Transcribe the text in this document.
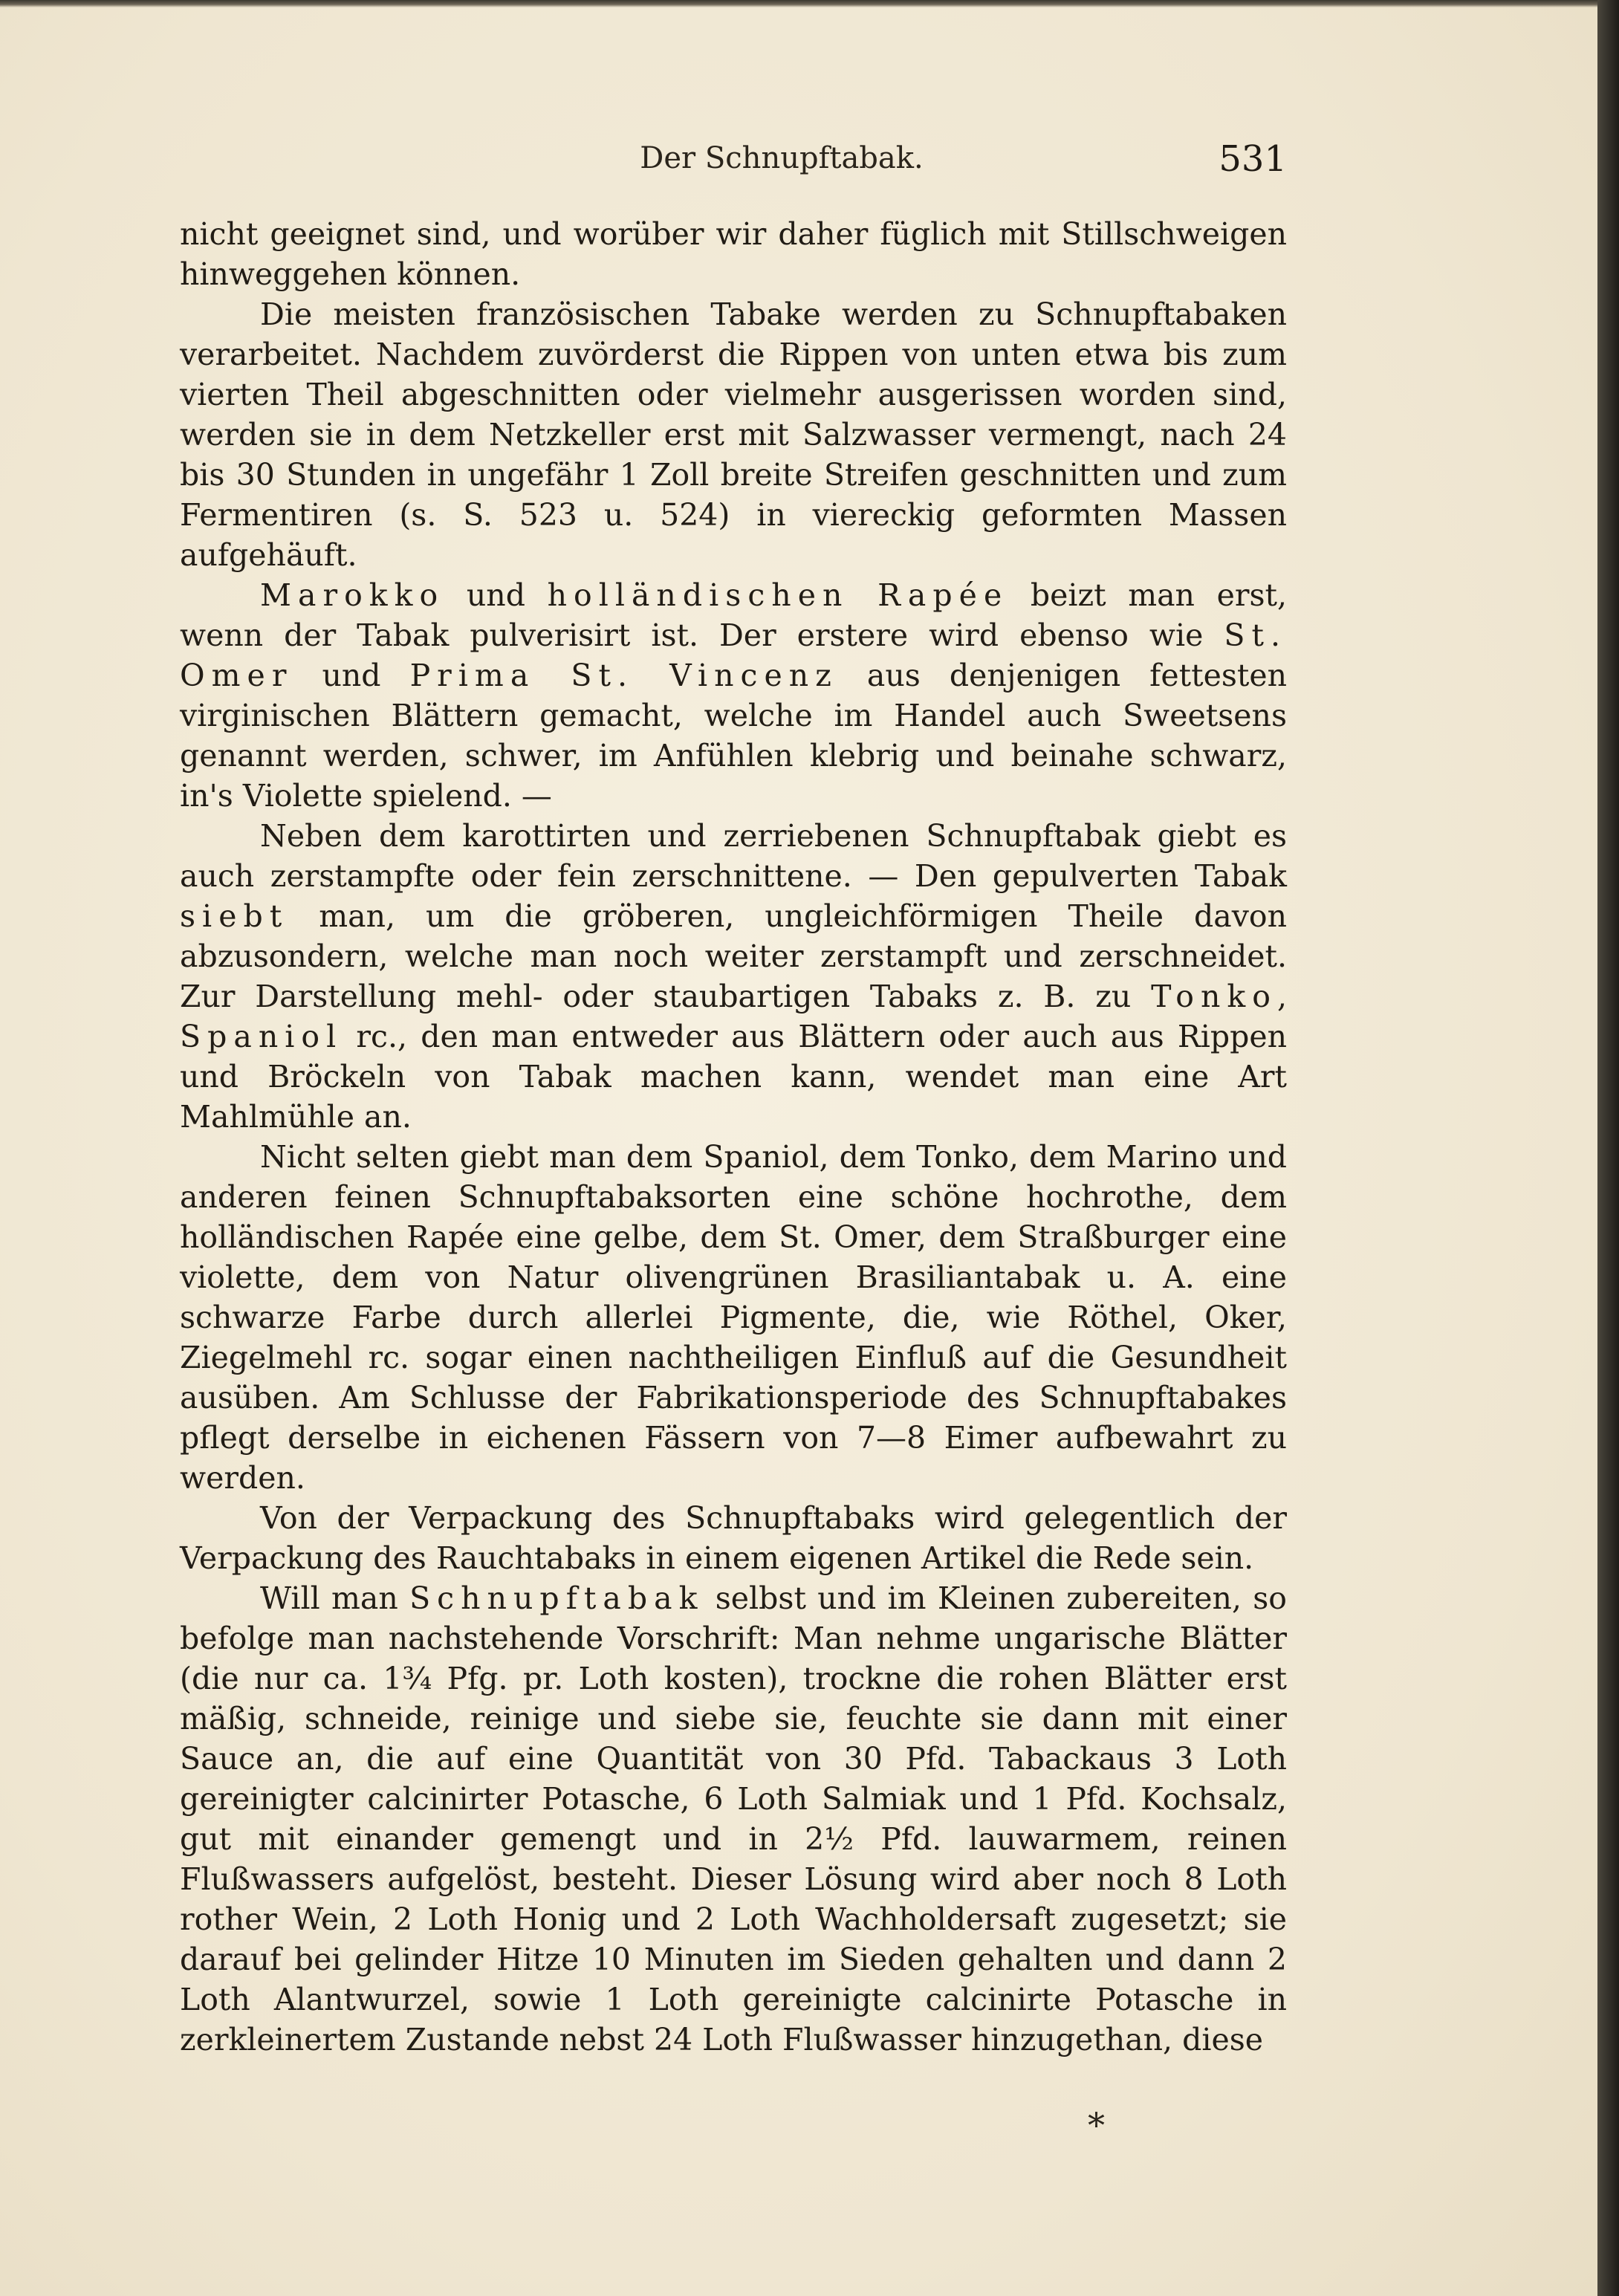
Der Schnupftabak.	531

nicht geeignet sind, und worüber wir daher füglich mit Stillschweigen hinweggehen können.

Die meisten französischen Tabake werden zu Schnupftabaken verarbeitet. Nachdem zuvörderst die Rippen von unten etwa bis zum vierten Theil abgeschnitten oder vielmehr ausgerissen worden sind, werden sie in dem Netzkeller erst mit Salzwasser vermengt, nach 24 bis 30 Stunden in ungefähr 1 Zoll breite Streifen geschnitten und zum Fermentiren (s. S. 523 u. 524) in viereckig geformten Massen aufgehäuft.

Marokko und holländischen Rapée beizt man erst, wenn der Tabak pulverisirt ist. Der erstere wird ebenso wie St. Omer und Prima St. Vincenz aus denjenigen fettesten virginischen Blättern gemacht, welche im Handel auch Sweetsens genannt werden, schwer, im Anfühlen klebrig und beinahe schwarz, in's Violette spielend. —

Neben dem karottirten und zerriebenen Schnupftabak giebt es auch zerstampfte oder fein zerschnittene. — Den gepulverten Tabak siebt man, um die gröberen, ungleichförmigen Theile davon abzusondern, welche man noch weiter zerstampft und zerschneidet. Zur Darstellung mehl- oder staubartigen Tabaks z. B. zu Tonko, Spaniol rc., den man entweder aus Blättern oder auch aus Rippen und Bröckeln von Tabak machen kann, wendet man eine Art Mahlmühle an.

Nicht selten giebt man dem Spaniol, dem Tonko, dem Marino und anderen feinen Schnupftabaksorten eine schöne hochrothe, dem holländischen Rapée eine gelbe, dem St. Omer, dem Straßburger eine violette, dem von Natur olivengrünen Brasiliantabak u. A. eine schwarze Farbe durch allerlei Pigmente, die, wie Röthel, Oker, Ziegelmehl rc. sogar einen nachtheiligen Einfluß auf die Gesundheit ausüben. Am Schlusse der Fabrikationsperiode des Schnupftabakes pflegt derselbe in eichenen Fässern von 7—8 Eimer aufbewahrt zu werden.

Von der Verpackung des Schnupftabaks wird gelegentlich der Verpackung des Rauchtabaks in einem eigenen Artikel die Rede sein.

Will man Schnupftabak selbst und im Kleinen zubereiten, so befolge man nachstehende Vorschrift: Man nehme ungarische Blätter (die nur ca. 1¾ Pfg. pr. Loth kosten), trockne die rohen Blätter erst mäßig, schneide, reinige und siebe sie, feuchte sie dann mit einer Sauce an, die auf eine Quantität von 30 Pfd. Tabackaus 3 Loth gereinigter calcinirter Potasche, 6 Loth Salmiak und 1 Pfd. Kochsalz, gut mit einander gemengt und in 2½ Pfd. lauwarmem, reinen Flußwassers aufgelöst, besteht. Dieser Lösung wird aber noch 8 Loth rother Wein, 2 Loth Honig und 2 Loth Wachholdersaft zugesetzt; sie darauf bei gelinder Hitze 10 Minuten im Sieden gehalten und dann 2 Loth Alantwurzel, sowie 1 Loth gereinigte calcinirte Potasche in zerkleinertem Zustande nebst 24 Loth Flußwasser hinzugethan, diese

*
